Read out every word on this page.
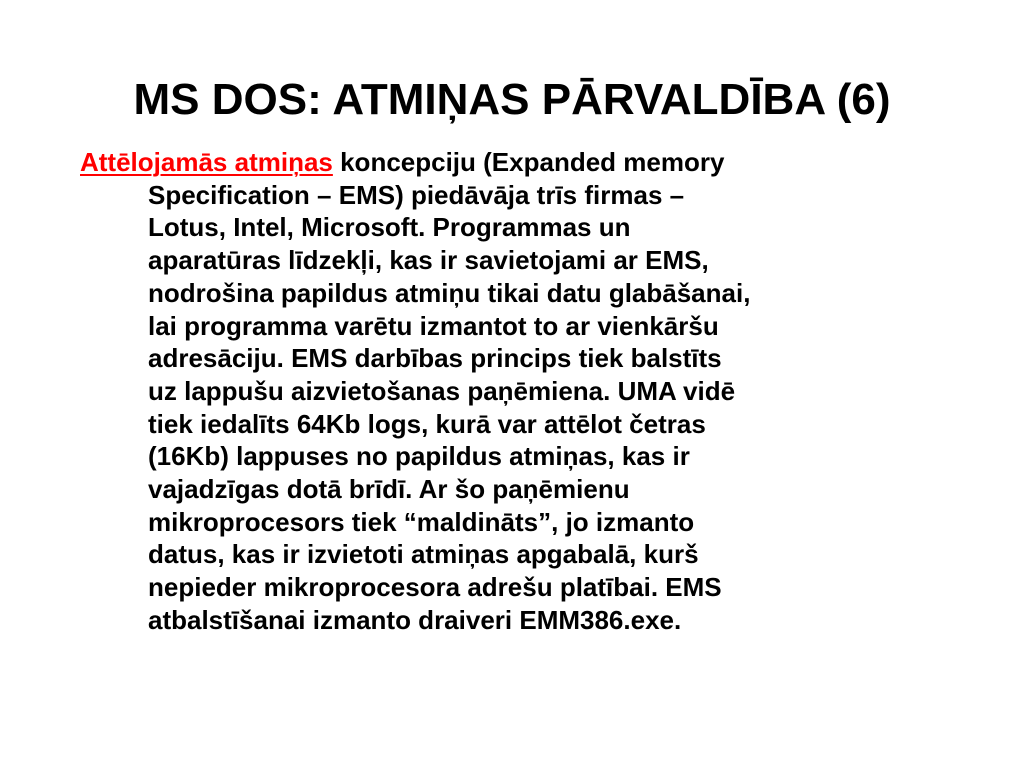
MS DOS: ATMIŅAS PĀRVALDĪBA (6)
Attēlojamās atmiņas koncepciju (Expanded memory
Specification – EMS) piedāvāja trīs firmas –
Lotus, Intel, Microsoft. Programmas un
aparatūras līdzekļi, kas ir savietojami ar EMS,
nodrošina papildus atmiņu tikai datu glabāšanai,
lai programma varētu izmantot to ar vienkāršu
adresāciju. EMS darbības princips tiek balstīts
uz lappušu aizvietošanas paņēmiena. UMA vidē
tiek iedalīts 64Kb logs, kurā var attēlot četras
(16Kb) lappuses no papildus atmiņas, kas ir
vajadzīgas dotā brīdī. Ar šo paņēmienu
mikroprocesors tiek “maldināts”, jo izmanto
datus, kas ir izvietoti atmiņas apgabalā, kurš
nepieder mikroprocesora adrešu platībai. EMS
atbalstīšanai izmanto draiveri EMM386.exe.
